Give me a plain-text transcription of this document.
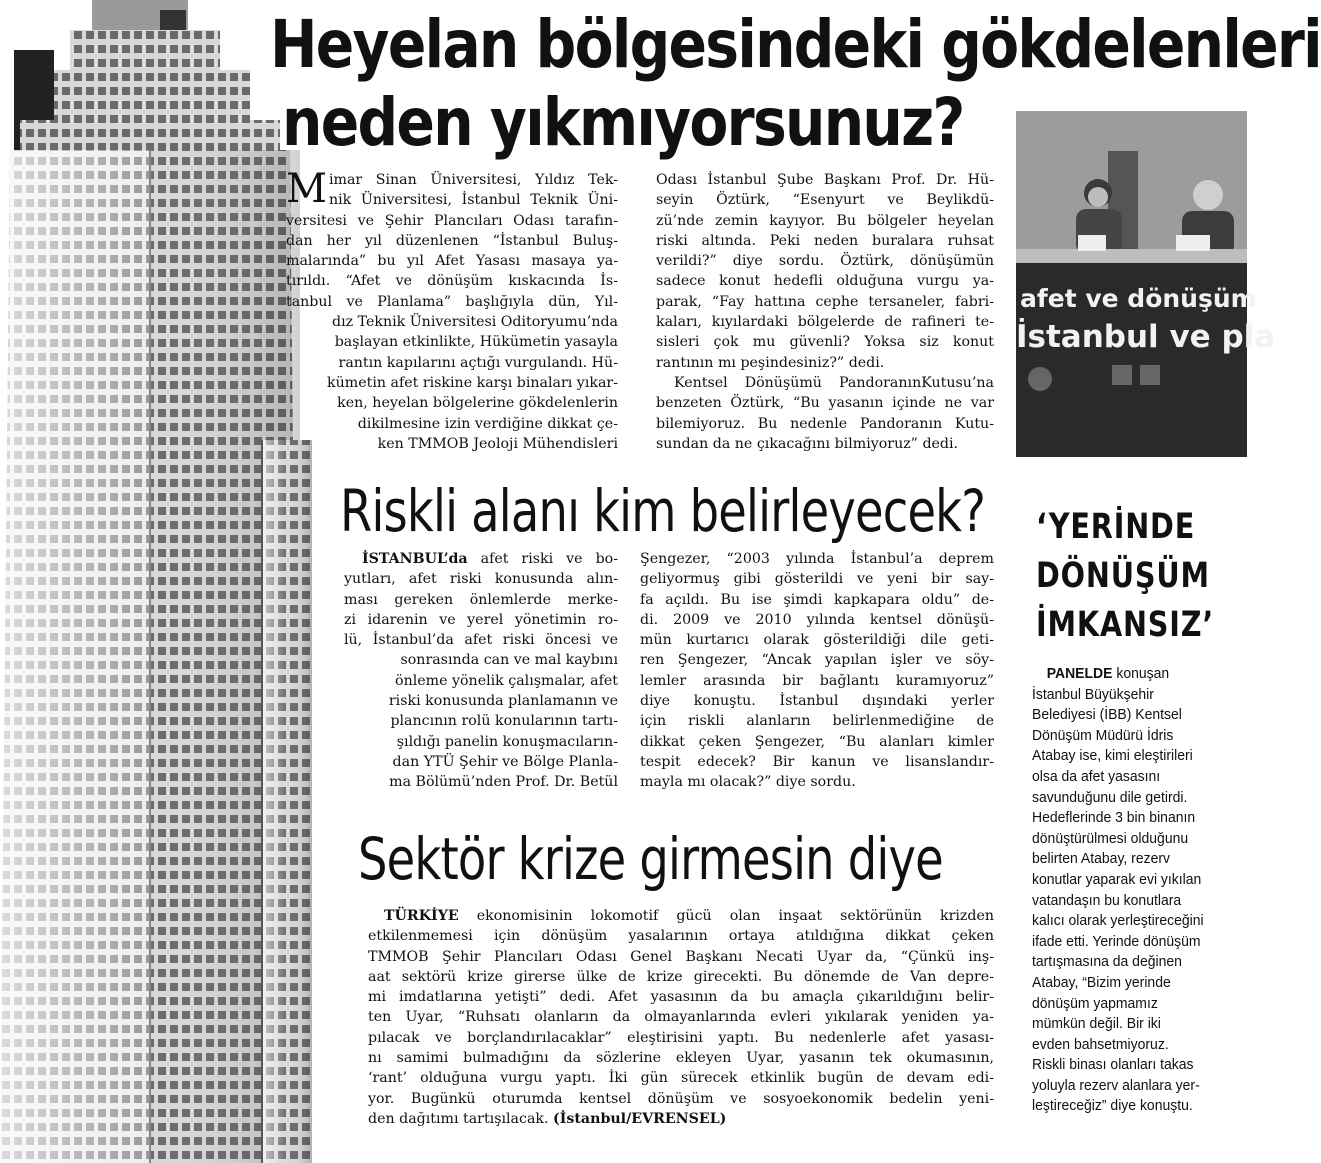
Heyelan bölgesindeki gökdelenleri
neden yıkmıyorsunuz?
M imar Sinan Üniversitesi, Yıldız Tek-
nik Üniversitesi, İstanbul Teknik Üni-
versitesi ve Şehir Plancıları Odası tarafın-
dan her yıl düzenlenen “İstanbul Buluş-
malarında” bu yıl Afet Yasası masaya ya-
tırıldı. “Afet ve dönüşüm kıskacında İs-
tanbul ve Planlama” başlığıyla dün, Yıl-
dız Teknik Üniversitesi Oditoryumu’nda
başlayan etkinlikte, Hükümetin yasayla
rantın kapılarını açtığı vurgulandı. Hü-
kümetin afet riskine karşı binaları yıkar-
ken, heyelan bölgelerine gökdelenlerin
dikilmesine izin verdiğine dikkat çe-
ken TMMOB Jeoloji Mühendisleri
Odası İstanbul Şube Başkanı Prof. Dr. Hü-
seyin Öztürk, “Esenyurt ve Beylikdü-
zü’nde zemin kayıyor. Bu bölgeler heyelan
riski altında. Peki neden buralara ruhsat
verildi?” diye sordu. Öztürk, dönüşümün
sadece konut hedefli olduğuna vurgu ya-
parak, “Fay hattına cephe tersaneler, fabri-
kaları, kıyılardaki bölgelerde de rafineri te-
sisleri çok mu güvenli? Yoksa siz konut
rantının mı peşindesiniz?” dedi.
Kentsel Dönüşümü PandoranınKutusu’na
benzeten Öztürk, “Bu yasanın içinde ne var
bilemiyoruz. Bu nedenle Pandoranın Kutu-
sundan da ne çıkacağını bilmiyoruz” dedi.
afet ve dönüşüm
İstanbul ve pla
Riskli alanı kim belirleyecek?
İSTANBUL’da afet riski ve bo-
yutları, afet riski konusunda alın-
ması gereken önlemlerde merke-
zi idarenin ve yerel yönetimin ro-
lü, İstanbul’da afet riski öncesi ve
sonrasında can ve mal kaybını
önleme yönelik çalışmalar, afet
riski konusunda planlamanın ve
plancının rolü konularının tartı-
şıldığı panelin konuşmacıların-
dan YTÜ Şehir ve Bölge Planla-
ma Bölümü’nden Prof. Dr. Betül
Şengezer, “2003 yılında İstanbul’a deprem
geliyormuş gibi gösterildi ve yeni bir say-
fa açıldı. Bu ise şimdi kapkapara oldu” de-
di. 2009 ve 2010 yılında kentsel dönüşü-
mün kurtarıcı olarak gösterildiği dile geti-
ren Şengezer, “Ancak yapılan işler ve söy-
lemler arasında bir bağlantı kuramıyoruz”
diye konuştu. İstanbul dışındaki yerler
için riskli alanların belirlenmediğine de
dikkat çeken Şengezer, “Bu alanları kimler
tespit edecek? Bir kanun ve lisanslandır-
mayla mı olacak?” diye sordu.
Sektör krize girmesin diye
TÜRKİYE ekonomisinin lokomotif gücü olan inşaat sektörünün krizden
etkilenmemesi için dönüşüm yasalarının ortaya atıldığına dikkat çeken
TMMOB Şehir Plancıları Odası Genel Başkanı Necati Uyar da, “Çünkü inş-
aat sektörü krize girerse ülke de krize girecekti. Bu dönemde de Van depre-
mi imdatlarına yetişti” dedi. Afet yasasının da bu amaçla çıkarıldığını belir-
ten Uyar, “Ruhsatı olanların da olmayanlarında evleri yıkılarak yeniden ya-
pılacak ve borçlandırılacaklar” eleştirisini yaptı. Bu nedenlerle afet yasası-
nı samimi bulmadığını da sözlerine ekleyen Uyar, yasanın tek okumasının,
‘rant’ olduğuna vurgu yaptı. İki gün sürecek etkinlik bugün de devam edi-
yor. Bugünkü oturumda kentsel dönüşüm ve sosyoekonomik bedelin yeni-
den dağıtımı tartışılacak. (İstanbul/EVRENSEL)
‘YERİNDE
DÖNÜŞÜM
İMKANSIZ’
PANELDE konuşan
İstanbul Büyükşehir
Belediyesi (İBB) Kentsel
Dönüşüm Müdürü İdris
Atabay ise, kimi eleştirileri
olsa da afet yasasını
savunduğunu dile getirdi.
Hedeflerinde 3 bin binanın
dönüştürülmesi olduğunu
belirten Atabay, rezerv
konutlar yaparak evi yıkılan
vatandaşın bu konutlara
kalıcı olarak yerleştireceğini
ifade etti. Yerinde dönüşüm
tartışmasına da değinen
Atabay, “Bizim yerinde
dönüşüm yapmamız
mümkün değil. Bir iki
evden bahsetmiyoruz.
Riskli binası olanları takas
yoluyla rezerv alanlara yer-
leştireceğiz” diye konuştu.
